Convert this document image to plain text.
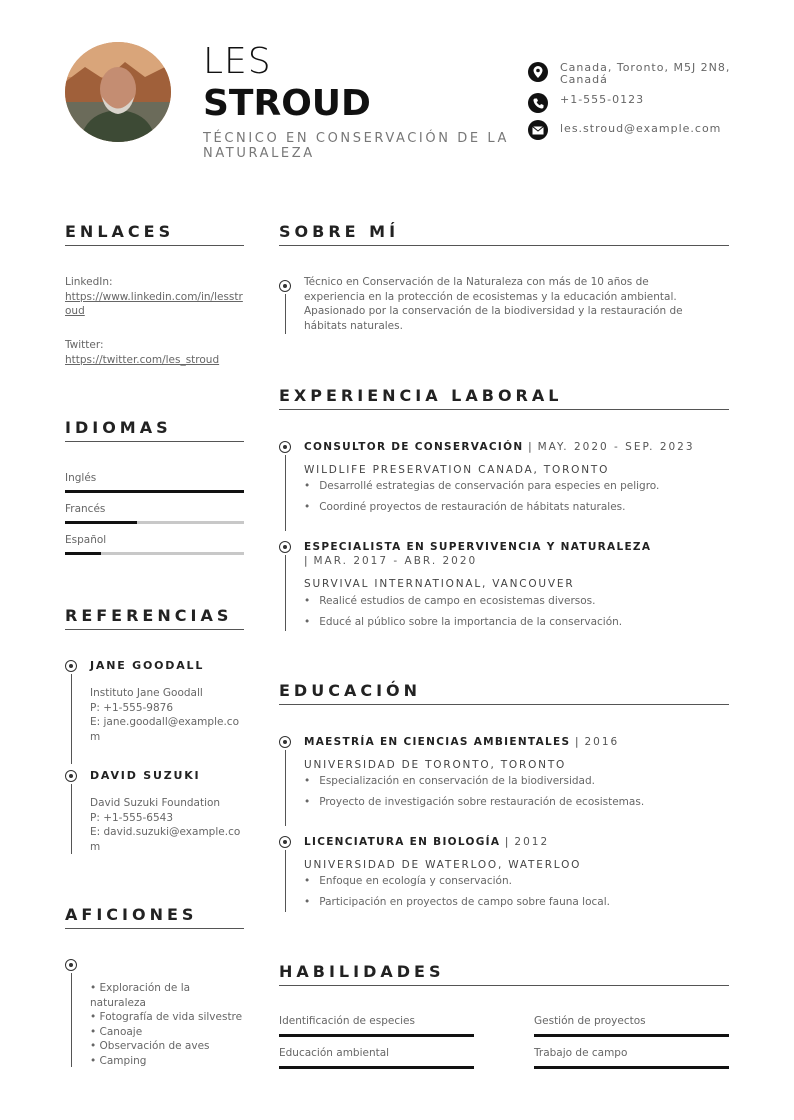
LES
STROUD
TÉCNICO EN CONSERVACIÓN DE LA NATURALEZA
Canada, Toronto, M5J 2N8, Canadá
+1-555-0123
les.stroud@example.com
ENLACES
LinkedIn:
https://www.linkedin.com/in/lesstroud
Twitter:
https://twitter.com/les_stroud
IDIOMAS
Inglés
Francés
Español
REFERENCIAS
JANE GOODALL
Instituto Jane Goodall
P: +1-555-9876
E: jane.goodall@example.com
DAVID SUZUKI
David Suzuki Foundation
P: +1-555-6543
E: david.suzuki@example.com
AFICIONES
• Exploración de la naturaleza
• Fotografía de vida silvestre
• Canoaje
• Observación de aves
• Camping
SOBRE MÍ
Técnico en Conservación de la Naturaleza con más de 10 años de experiencia en la protección de ecosistemas y la educación ambiental. Apasionado por la conservación de la biodiversidad y la restauración de hábitats naturales.
EXPERIENCIA LABORAL
CONSULTOR DE CONSERVACIÓN | MAY. 2020 - SEP. 2023
WILDLIFE PRESERVATION CANADA, TORONTO
• Desarrollé estrategias de conservación para especies en peligro.
• Coordiné proyectos de restauración de hábitats naturales.
ESPECIALISTA EN SUPERVIVENCIA Y NATURALEZA
| MAR. 2017 - ABR. 2020
SURVIVAL INTERNATIONAL, VANCOUVER
• Realicé estudios de campo en ecosistemas diversos.
• Educé al público sobre la importancia de la conservación.
EDUCACIÓN
MAESTRÍA EN CIENCIAS AMBIENTALES | 2016
UNIVERSIDAD DE TORONTO, TORONTO
• Especialización en conservación de la biodiversidad.
• Proyecto de investigación sobre restauración de ecosistemas.
LICENCIATURA EN BIOLOGÍA | 2012
UNIVERSIDAD DE WATERLOO, WATERLOO
• Enfoque en ecología y conservación.
• Participación en proyectos de campo sobre fauna local.
HABILIDADES
Identificación de especies	Gestión de proyectos
Educación ambiental	Trabajo de campo
